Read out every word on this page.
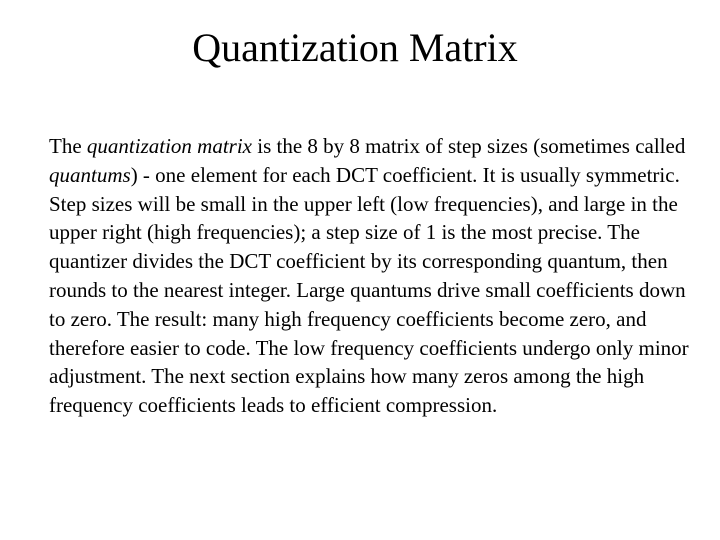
Quantization Matrix

The quantization matrix is the 8 by 8 matrix of step sizes (sometimes called quantums) - one element for each DCT coefficient. It is usually symmetric. Step sizes will be small in the upper left (low frequencies), and large in the upper right (high frequencies); a step size of 1 is the most precise. The quantizer divides the DCT coefficient by its corresponding quantum, then rounds to the nearest integer. Large quantums drive small coefficients down to zero. The result: many high frequency coefficients become zero, and therefore easier to code. The low frequency coefficients undergo only minor adjustment. The next section explains how many zeros among the high frequency coefficients leads to efficient compression.
